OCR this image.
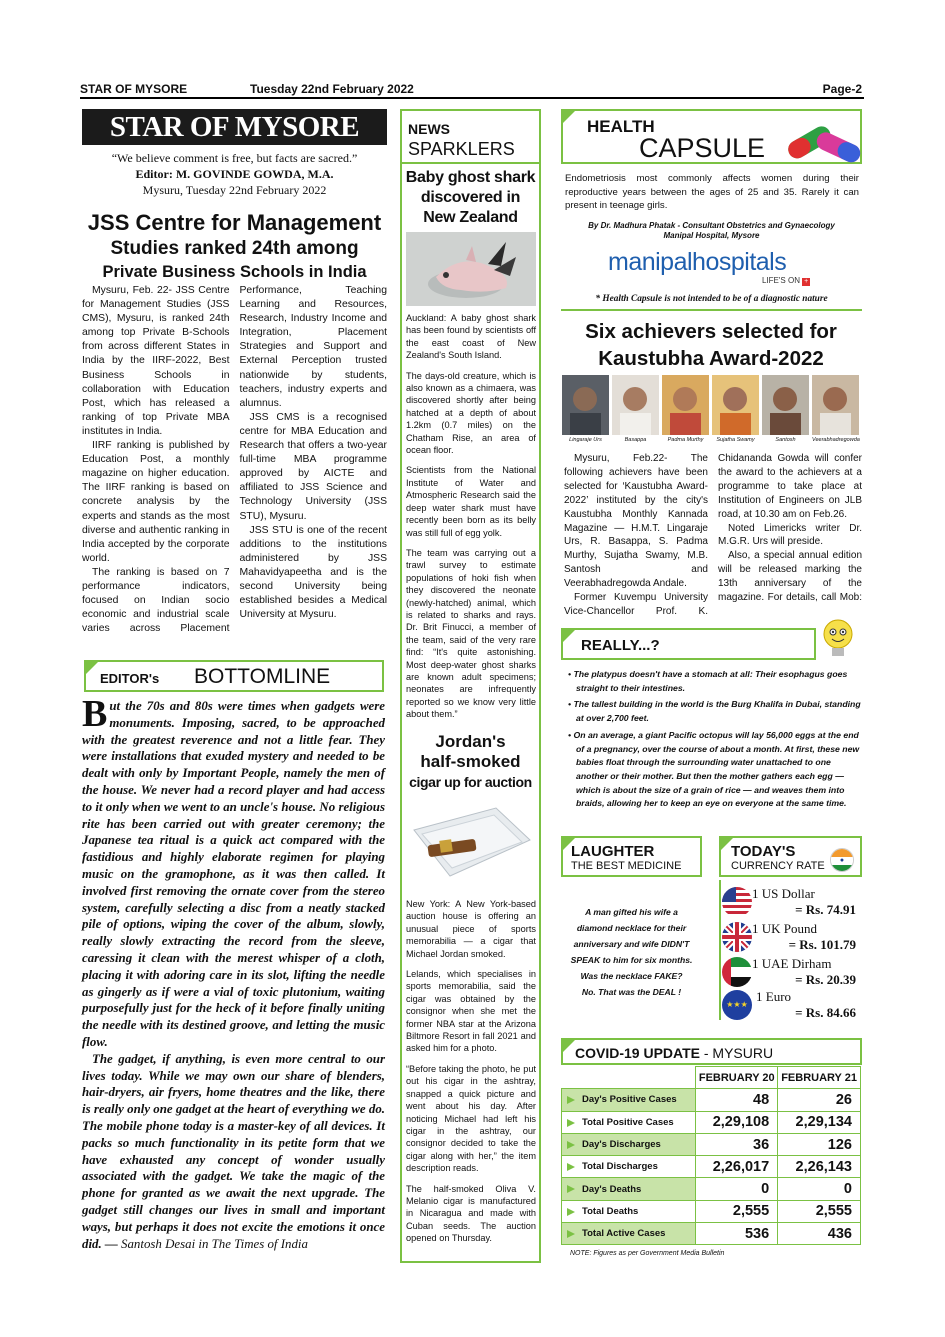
STAR OF MYSORE	Tuesday 22nd February 2022	Page-2
STAR OF MYSORE
“We believe comment is free, but facts are sacred.”
Editor: M. GOVINDE GOWDA, M.A.
Mysuru, Tuesday 22nd February 2022
JSS Centre for Management
Studies ranked 24th among
Private Business Schools in India

Mysuru, Feb. 22- JSS Centre for Management Studies (JSS CMS), Mysuru, is ranked 24th among top Private B-Schools from across different States in India by the IIRF-2022, Best Business Schools in collaboration with Education Post, which has released a ranking of top Private MBA institutes in India.

IIRF ranking is published by Education Post, a monthly magazine on higher education. The IIRF ranking is based on concrete analysis by the experts and stands as the most diverse and authentic ranking in India accepted by the corporate world.

The ranking is based on 7 performance indicators, focused on Indian socio economic and industrial scale varies across Placement Performance, Teaching Learning and Resources, Research, Industry Income and Integration, Placement Strategies and Support and External Perception trusted nationwide by students, teachers, industry experts and alumnus.

JSS CMS is a recognised centre for MBA Education and Research that offers a two-year full-time MBA programme approved by AICTE and affiliated to JSS Science and Technology University (JSS STU), Mysuru.

JSS STU is one of the recent additions to the institutions administered by JSS Mahavidyapeetha and is the second University being established besides a Medical University at Mysuru.

EDITOR's BOTTOMLINE

But the 70s and 80s were times when gadgets were monuments. Imposing, sacred, to be approached with the greatest reverence and not a little fear. They were installations that exuded mystery and needed to be dealt with only by Important People, namely the men of the house. We never had a record player and had access to it only when we went to an uncle's house. No religious rite has been carried out with greater ceremony; the Japanese tea ritual is a quick act compared with the fastidious and highly elaborate regimen for playing music on the gramophone, as it was then called. It involved first removing the ornate cover from the stereo system, carefully selecting a disc from a neatly stacked pile of options, wiping the cover of the album, slowly, really slowly extracting the record from the sleeve, caressing it clean with the merest whisper of a cloth, placing it with adoring care in its slot, lifting the needle as gingerly as if were a vial of toxic plutonium, waiting purposefully just for the heck of it before finally uniting the needle with its destined groove, and letting the music flow.

The gadget, if anything, is even more central to our lives today. While we may own our share of blenders, hair-dryers, air fryers, home theatres and the like, there is really only one gadget at the heart of everything we do. The mobile phone today is a master-key of all devices. It packs so much functionality in its petite form that we have exhausted any concept of wonder usually associated with the gadget. We take the magic of the phone for granted as we await the next upgrade. The gadget still changes our lives in small and important ways, but perhaps it does not excite the emotions it once did. — Santosh Desai in The Times of India

NEWS
SPARKLERS
Baby ghost shark discovered in New Zealand

Auckland: A baby ghost shark has been found by scientists off the east coast of New Zealand's South Island.

The days-old creature, which is also known as a chimaera, was discovered shortly after being hatched at a depth of about 1.2km (0.7 miles) on the Chatham Rise, an area of ocean floor.

Scientists from the National Institute of Water and Atmospheric Research said the deep water shark must have recently been born as its belly was still full of egg yolk.

The team was carrying out a trawl survey to estimate populations of hoki fish when they discovered the neonate (newly-hatched) animal, which is related to sharks and rays. Dr. Brit Finucci, a member of the team, said of the very rare find: “It's quite astonishing. Most deep-water ghost sharks are known adult specimens; neonates are infrequently reported so we know very little about them.”

Jordan's
half-smoked
cigar up for auction

New York: A New York-based auction house is offering an unusual piece of sports memorabilia — a cigar that Michael Jordan smoked.

Lelands, which specialises in sports memorabilia, said the cigar was obtained by the consignor when she met the former NBA star at the Arizona Biltmore Resort in fall 2021 and asked him for a photo.

“Before taking the photo, he put out his cigar in the ashtray, snapped a quick picture and went about his day. After noticing Michael had left his cigar in the ashtray, our consignor decided to take the cigar along with her,” the item description reads.

The half-smoked Oliva V. Melanio cigar is manufactured in Nicaragua and made with Cuban seeds. The auction opened on Thursday.

HEALTH
CAPSULE
Endometriosis most commonly affects women during their reproductive years between the ages of 25 and 35. Rarely it can present in teenage girls.
By Dr. Madhura Phatak - Consultant Obstetrics and Gynaecology
Manipal Hospital, Mysore
manipalhospitals
LIFE'S ON +
* Health Capsule is not intended to be of a diagnostic nature
Six achievers selected for
Kaustubha Award-2022
Lingaraje Urs	Basappa	Padma Murthy	Sujatha Swamy	Santosh	Veerabhadregowda

Mysuru, Feb.22- The following achievers have been selected for ‘Kaustubha Award-2022’ instituted by the city's Kaustubha Monthly Kannada Magazine — H.M.T. Lingaraje Urs, R. Basappa, S. Padma Murthy, Sujatha Swamy, M.B. Santosh and Veerabhadregowda Andale.

Former Kuvempu University Vice-Chancellor Prof. K. Chidananda Gowda will confer the award to the achievers at a programme to take place at Institution of Engineers on JLB road, at 10.30 am on Feb.26.

Noted Limericks writer Dr. M.G.R. Urs will preside.

Also, a special annual edition will be released marking the 13th anniversary of the magazine. For details, call Mob:

REALLY...?
• The platypus doesn't have a stomach at all: Their esophagus goes straight to their intestines.
• The tallest building in the world is the Burg Khalifa in Dubai, standing at over 2,700 feet.
• On an average, a giant Pacific octopus will lay 56,000 eggs at the end of a pregnancy, over the course of about a month. At first, these new babies float through the surrounding water unattached to one another or their mother. But then the mother gathers each egg — which is about the size of a grain of rice — and weaves them into braids, allowing her to keep an eye on everyone at the same time.
LAUGHTER
THE BEST MEDICINE
A man gifted his wife a
diamond necklace for their
anniversary and wife DIDN'T
SPEAK to him for six months.
Was the necklace FAKE?
No. That was the DEAL !
TODAY'S
CURRENCY RATE	●
1 US Dollar
= Rs. 74.91
1 UK Pound
= Rs. 101.79
1 UAE Dirham
= Rs. 20.39
★★★
1 Euro
= Rs. 84.66
COVID-19 UPDATE - MYSURU
	FEBRUARY 20	FEBRUARY 21

Day's Positive Cases	48	26

Total Positive Cases	2,29,108	2,29,134

Day's Discharges	36	126

Total Discharges	2,26,017	2,26,143

Day's Deaths	0	0

Total Deaths	2,555	2,555

Total Active Cases	536	436
NOTE: Figures as per Government Media Bulletin
